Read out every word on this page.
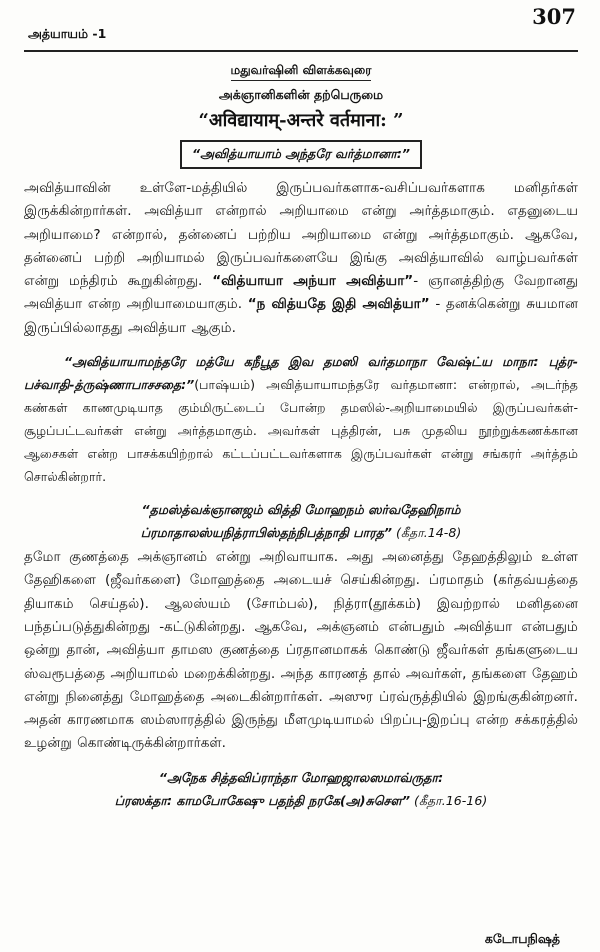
அத்யாயம் -1
307
மதுவர்ஷினி விளக்கவுரை
அக்ஞானிகளின் தற்பெருமை
“अविद्यायाम्-अन्तरे वर्तमाना: ”
“அவித்யாயாம் அந்தரே வர்த்மானா:”

அவித்யாவின் உள்ளே-மத்தியில் இருப்பவர்களாக-வசிப்பவர்களாக மனிதர்கள் இருக்கின்றார்கள். அவித்யா என்றால் அறியாமை என்று அர்த்தமாகும். எதனுடைய அறியாமை? என்றால், தன்னைப் பற்றிய அறியாமை என்று அர்த்தமாகும். ஆகவே, தன்னைப் பற்றி அறியாமல் இருப்பவர்களையே இங்கு அவித்யாவில் வாழ்பவர்கள் என்று மந்திரம் கூறுகின்றது. “வித்யாயா அந்யா அவித்யா”- ஞானத்திற்கு வேறானது அவித்யா என்ற அறியாமையாகும். “ந வித்யதே இதி அவித்யா” - தனக்கென்று சுயமான இருப்பில்லாதது அவித்யா ஆகும்.

“அவித்யாயாமந்தரே மத்யே கநீபூத இவ தமஸி வர்தமாநா வேஷ்ட்ய மாநா: புத்ர-பச்வாதி-த்ருஷ்ணாபாசசதை:”(பாஷ்யம்) அவித்யாயாமந்தரே வர்தமானா: என்றால், அடர்ந்த கண்கள் காணமுடியாத கும்மிருட்டைப் போன்ற தமஸில்-அறியாமையில் இருப்பவர்கள்- சூழப்பட்டவர்கள் என்று அர்த்தமாகும். அவர்கள் புத்திரன், பசு முதலிய நூற்றுக்கணக்கான ஆசைகள் என்ற பாசக்கயிற்றால் கட்டப்பட்டவர்களாக இருப்பவர்கள் என்று சங்கரர் அர்த்தம் சொல்கின்றார்.

“தமஸ்த்வக்ஞானஜம் வித்தி மோஹநம் ஸர்வதேஹிநாம்
ப்ரமாதாலஸ்யநித்ராபிஸ்தந்நிபத்நாதி பாரத” (கீதா.14-8)

தமோ குணத்தை அக்ஞானம் என்று அறிவாயாக. அது அனைத்து தேஹத்திலும் உள்ள தேஹிகளை (ஜீவர்களை) மோஹத்தை அடையச் செய்கின்றது. ப்ரமாதம் (கர்தவ்யத்தை தியாகம் செய்தல்). ஆலஸ்யம் (சோம்பல்), நித்ரா(தூக்கம்) இவற்றால் மனிதனை பந்தப்படுத்துகின்றது -கட்டுகின்றது. ஆகவே, அக்ஞனம் என்பதும் அவித்யா என்பதும் ஒன்று தான், அவித்யா தாமஸ குணத்தை ப்ரதானமாகக் கொண்டு ஜீவர்கள் தங்களுடைய ஸ்வரூபத்தை அறியாமல் மறைக்கின்றது. அந்த காரணத் தால் அவர்கள், தங்களை தேஹம் என்று நினைத்து மோஹத்தை அடைகின்றார்கள். அஸுர ப்ரவ்ருத்தியில் இறங்குகின்றனர். அதன் காரணமாக ஸம்ஸாரத்தில் இருந்து மீளமுடியாமல் பிறப்பு-இறப்பு என்ற சக்கரத்தில் உழன்று கொண்டிருக்கின்றார்கள்.

“அநேக சித்தவிப்ராந்தா மோஹஜாலஸமாவ்ருதா:
ப்ரஸக்தா: காமபோகேஷு பதந்தி நரகே(அ)சுசௌ” (கீதா.16-16)
கடோபநிஷத்
